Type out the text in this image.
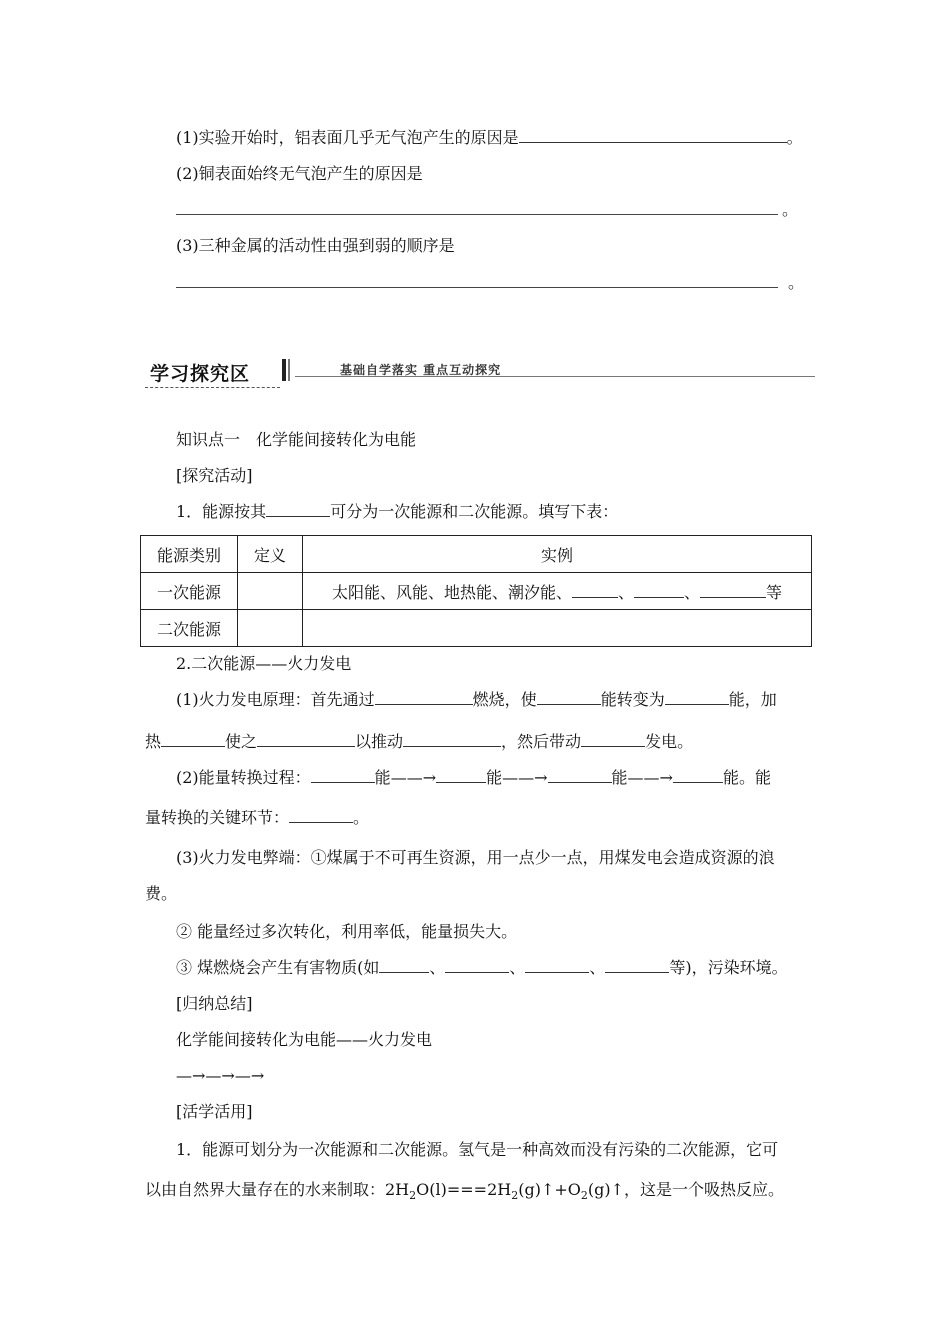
(1)实验开始时，铝表面几乎无气泡产生的原因是	。
(2)铜表面始终无气泡产生的原因是
。
(3)三种金属的活动性由强到弱的顺序是
。
学习探究区	基础自学落实 重点互动探究
知识点一　化学能间接转化为电能
[探究活动]
1．能源按其	可分为一次能源和二次能源。填写下表：
能源类别	定义	实例
一次能源		太阳能、风能、地热能、潮汐能、 、 、 等
二次能源		
2.二次能源——火力发电
(1)火力发电原理：首先通过	燃烧，使	能转变为	能，加
热	使之	以推动	，然后带动	发电。
(2)能量转换过程：	能——→	能——→	能——→	能。能
量转换的关键环节：	。
(3)火力发电弊端：①煤属于不可再生资源，用一点少一点，用煤发电会造成资源的浪
费。
② 能量经过多次转化，利用率低，能量损失大。
③ 煤燃烧会产生有害物质(如	、	、	、	等)，污染环境。
[归纳总结]
化学能间接转化为电能——火力发电
—→—→—→
[活学活用]
1．能源可划分为一次能源和二次能源。氢气是一种高效而没有污染的二次能源，它可
以由自然界大量存在的水来制取：$2H_2O(l)===2H_2(g)↑+O_2(g)↑$，这是一个吸热反应。
